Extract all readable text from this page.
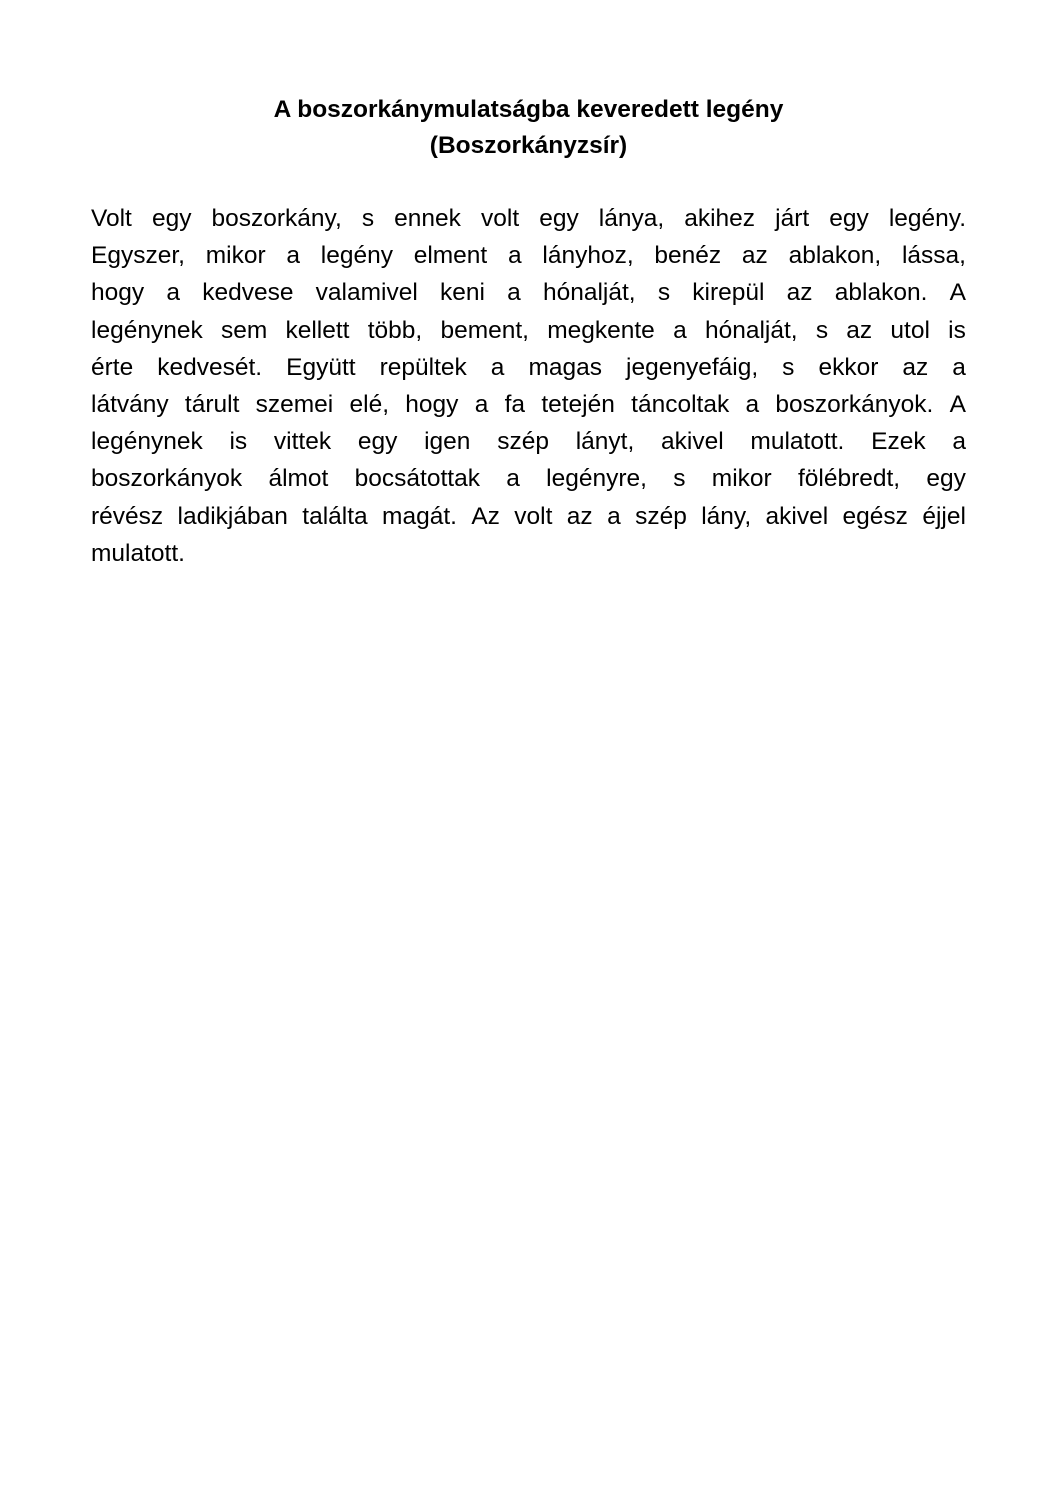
A boszorkánymulatságba keveredett legény
(Boszorkányzsír)
Volt egy boszorkány, s ennek volt egy lánya, akihez járt egy legény.
Egyszer, mikor a legény elment a lányhoz, benéz az ablakon, lássa,
hogy a kedvese valamivel keni a hónalját, s kirepül az ablakon. A
legénynek sem kellett több, bement, megkente a hónalját, s az utol is
érte kedvesét. Együtt repültek a magas jegenyefáig, s ekkor az a
látvány tárult szemei elé, hogy a fa tetején táncoltak a boszorkányok. A
legénynek is vittek egy igen szép lányt, akivel mulatott. Ezek a
boszorkányok álmot bocsátottak a legényre, s mikor fölébredt, egy
révész ladikjában találta magát. Az volt az a szép lány, akivel egész éjjel
mulatott.
